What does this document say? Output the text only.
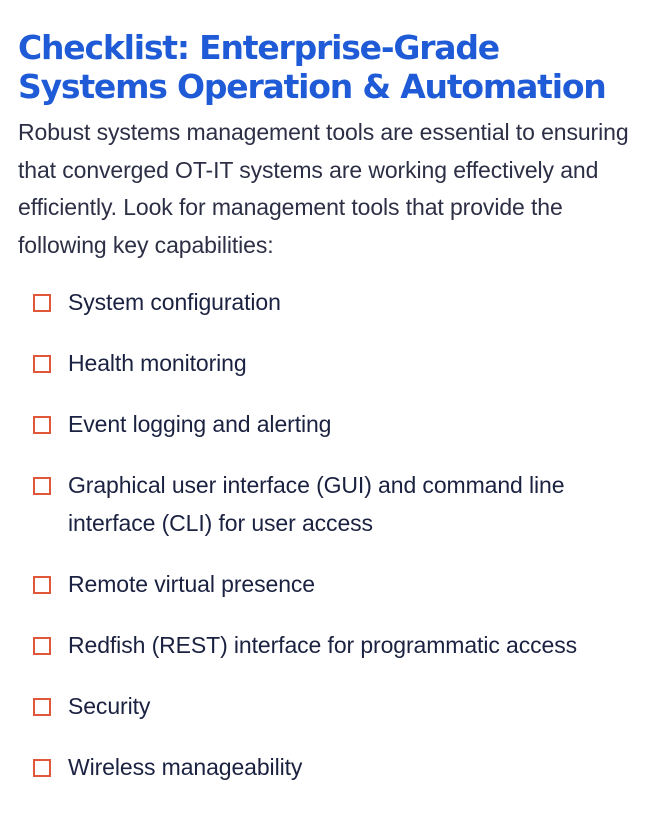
Checklist: Enterprise-Grade
Systems Operation & Automation

Robust systems management tools are essential to ensuring that converged OT-IT systems are working effectively and efficiently. Look for management tools that provide the following key capabilities:

System configuration
Health monitoring
Event logging and alerting
Graphical user interface (GUI) and command line interface (CLI) for user access
Remote virtual presence
Redfish (REST) interface for programmatic access
Security
Wireless manageability
